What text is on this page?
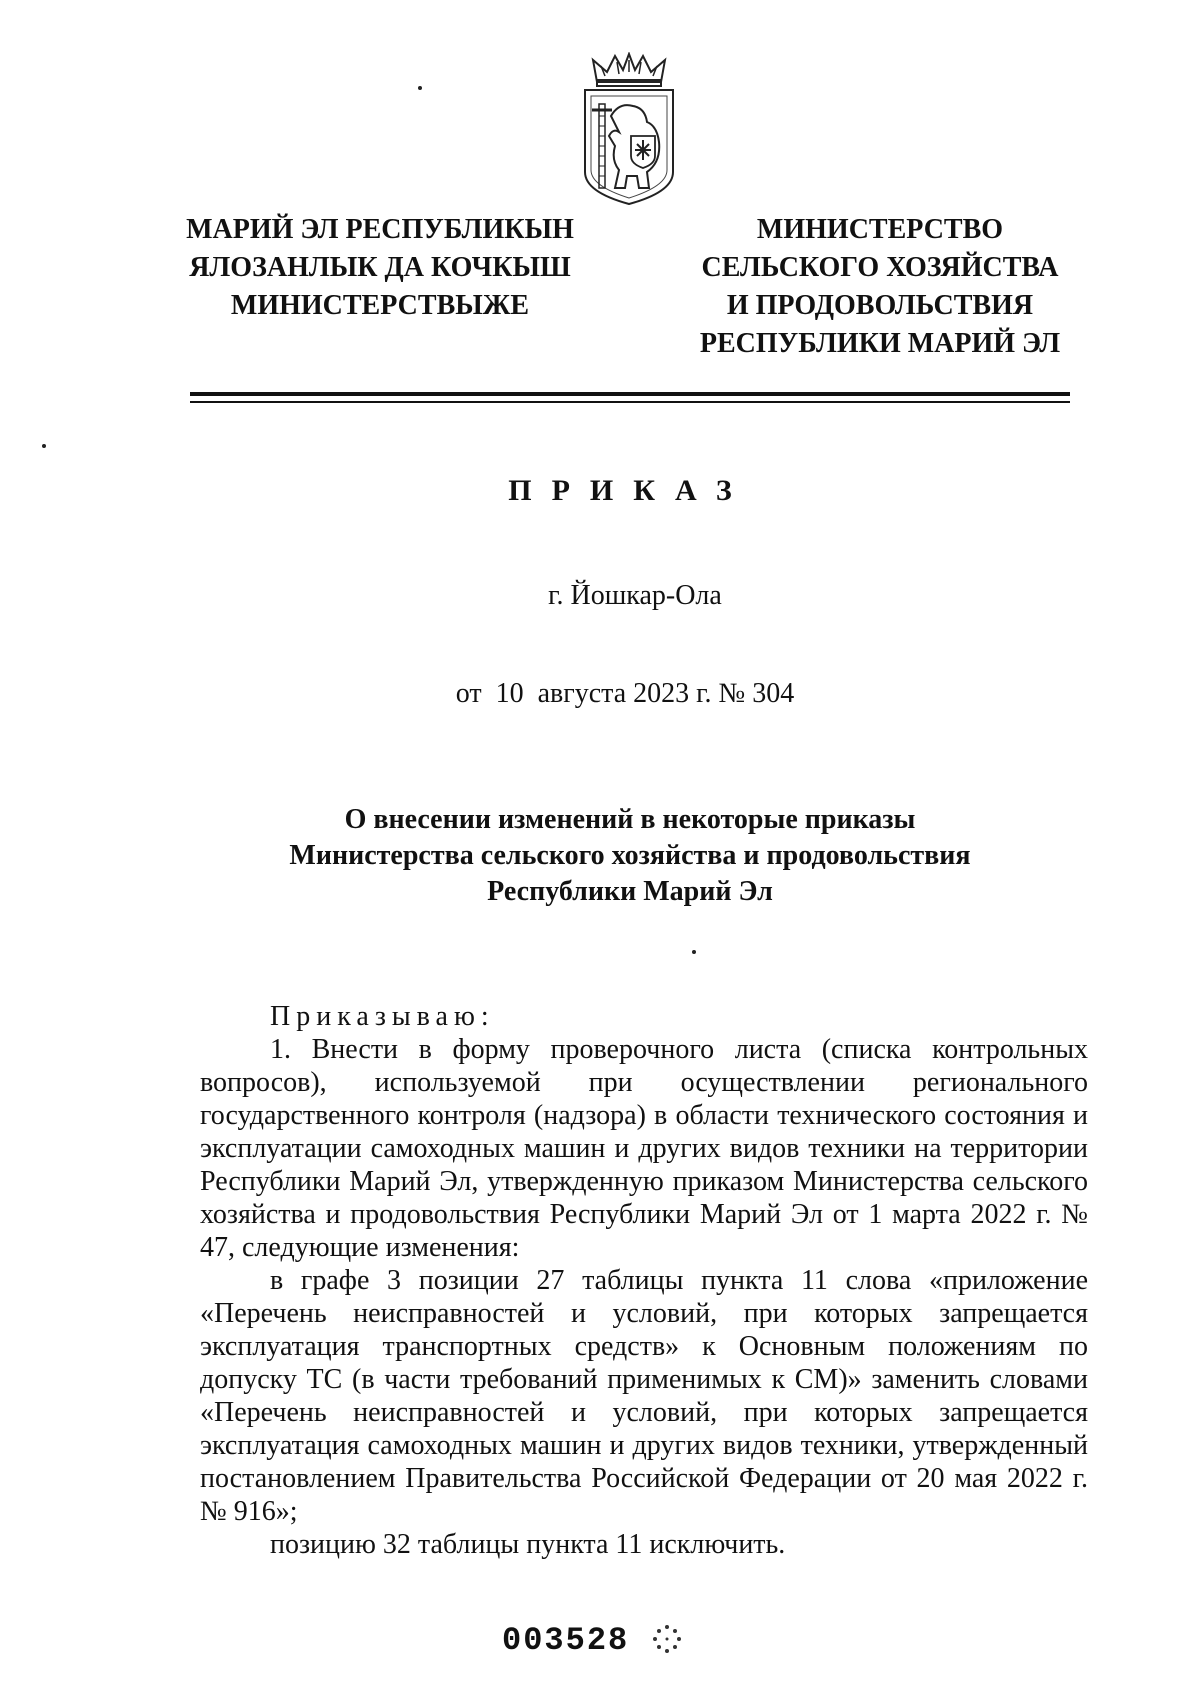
МАРИЙ ЭЛ РЕСПУБЛИКЫН
ЯЛОЗАНЛЫК ДА КОЧКЫШ
МИНИСТЕРСТВЫЖЕ
МИНИСТЕРСТВО
СЕЛЬСКОГО ХОЗЯЙСТВА
И ПРОДОВОЛЬСТВИЯ
РЕСПУБЛИКИ МАРИЙ ЭЛ
ПРИКАЗ
г. Йошкар-Ола
от  10  августа 2023 г. № 304
О внесении изменений в некоторые приказы
Министерства сельского хозяйства и продовольствия
Республики Марий Эл

Приказываю:

1. Внести в форму проверочного листа (списка контрольных вопросов), используемой при осуществлении регионального государственного контроля (надзора) в области технического состояния и эксплуатации самоходных машин и других видов техники на территории Республики Марий Эл, утвержденную приказом Министерства сельского хозяйства и продовольствия Республики Марий Эл от 1 марта 2022 г. № 47, следующие изменения:

в графе 3 позиции 27 таблицы пункта 11 слова «приложение «Перечень неисправностей и условий, при которых запрещается эксплуатация транспортных средств» к Основным положениям по допуску ТС (в части требований применимых к СМ)» заменить словами «Перечень неисправностей и условий, при которых запрещается эксплуатация самоходных машин и других видов техники, утвержденный постановлением Правительства Российской Федерации от 20 мая 2022 г. № 916»;

позицию 32 таблицы пункта 11 исключить.

003528
